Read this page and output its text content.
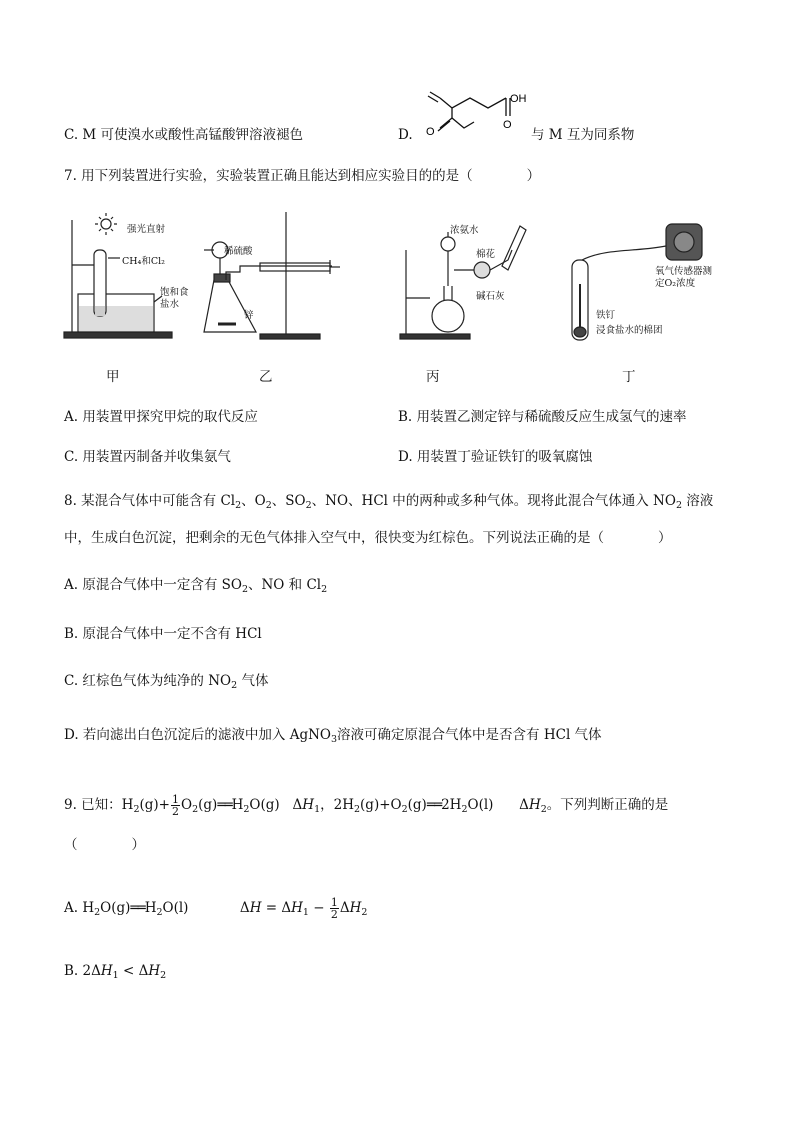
C. M 可使溴水或酸性高锰酸钾溶液褪色	D.
OH
O
O	与 M 互为同系物
7. 用下列装置进行实验，实验装置正确且能达到相应实验目的的是（　　　　）
强光直射
CH₄和Cl₂
饱和食盐水
稀硫酸
锌
浓氨水
棉花
碱石灰
氧气传感器测定O₂浓度
铁钉
浸食盐水的棉团
甲	乙	丙	丁
A. 用装置甲探究甲烷的取代反应	B. 用装置乙测定锌与稀硫酸反应生成氢气的速率
C. 用装置丙制备并收集氨气	D. 用装置丁验证铁钉的吸氧腐蚀
8. 某混合气体中可能含有 $Cl_2$、$O_2$、$SO_2$、NO、HCl 中的两种或多种气体。现将此混合气体通入 $NO_2$ 溶液
中，生成白色沉淀，把剩余的无色气体排入空气中，很快变为红棕色。下列说法正确的是（　　　　）
A. 原混合气体中一定含有 $SO_2$、NO 和 $Cl_2$
B. 原混合气体中一定不含有 HCl
C. 红棕色气体为纯净的 $NO_2$ 气体
D. 若向滤出白色沉淀后的滤液中加入 AgNO$_3$溶液可确定原混合气体中是否含有 HCl 气体
9. 已知：$H_2(g)+ \frac{1}{2}$ $O_2(g)══H_2O(g)$   $\Delta H_1$，$2H_2(g)+O_2(g)══2H_2O(l)$      $\Delta H_2$。下列判断正确的是
（　　　　）
A. $H_2O(g)══H_2O(l)$            $\Delta H = \Delta H_1 - \frac{1}{2} \Delta H_2$
B. $2\Delta H_1 < \Delta H_2$
